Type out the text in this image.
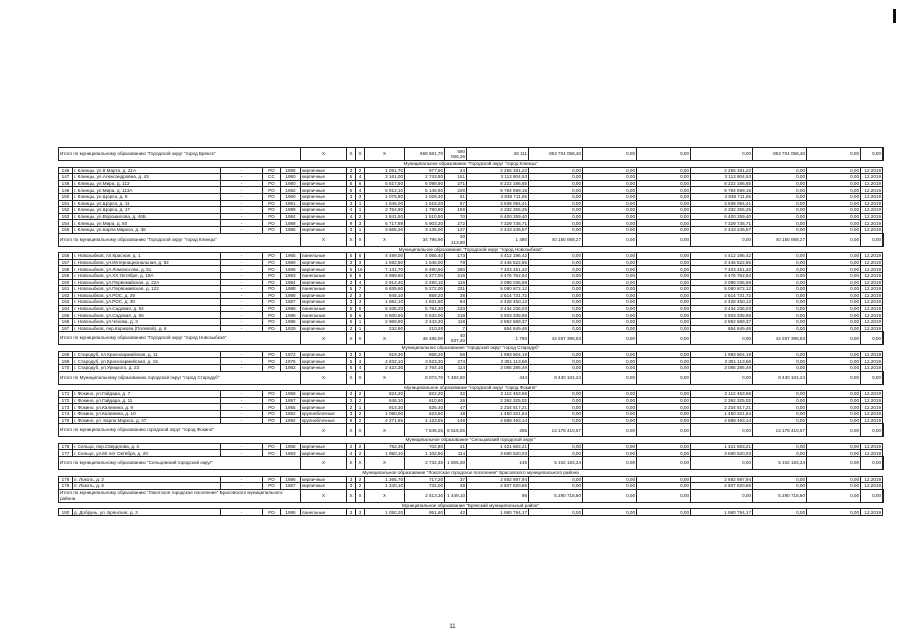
Итого по муниципальному образованию "Городской округ "город Брянск"					X	X	X	X	669 581,70	590 066,36	28 111	853 704 058,40	0,00	0,00	0,00	853 704 058,40	0,00	0,00	
Муниципальное образование "Городской округ "город Клинцы"																			
146	г. Клинцы, ул.8 Марта, д. 21А	-	РО	1985	кирпичные	3	2	1 051,70	977,50	34	2 256 181,22	0,00	0,00	0,00	2 256 181,22	0,00	0,00	12.2019	
147	г. Клинцы, ул.Александровна, д. 43	-	СС	1990	кирпичные	5	4	3 161,00	2 743,80	151	3 113 804,53	0,00	0,00	0,00	3 113 804,53	0,00	0,00	12.2019	
148	г. Клинцы, ул.Мира, д. 113	-	РО	1980	кирпичные	5	6	5 617,50	5 098,50	271	8 222 186,65	0,00	0,00	0,00	8 222 186,65	0,00	0,00	12.2019	
149	г. Клинцы, ул.Мира, д. 113А	-	РО	1982	кирпичные	5	4	5 812,10	5 145,80	226	6 784 599,16	0,00	0,00	0,00	6 784 599,16	0,00	0,00	12.2019	
150	г. Клинцы, ул.Щорса, д. 9	-	РО	1960	кирпичные	3	3	1 075,80	1 029,40	51	3 638 711,65	0,00	0,00	0,00	3 638 711,65	0,00	0,00	12.2019	
151	г. Клинцы, ул.Щорса, д. 11	-	РО	1961	кирпичные	3	1	1 646,00	1 518,20	67	3 639 094,41	0,00	0,00	0,00	3 639 094,41	0,00	0,00	12.2019	
152	г. Клинцы, ул.Щорса, д. 17	-	РО	1989	кирпичные	4	1	2 764,80	1 790,80	159	4 332 255,25	0,00	0,00	0,00	4 332 255,25	0,00	0,00	12.2019	
153	г. Клинцы, ул.Ворошилова, д. 46Б	-	РО	1984	кирпичные	4	2	1 841,50	1 510,50	70	6 400 259,40	0,00	0,00	0,00	6 400 259,40	0,00	0,00	12.2019	
154	г. Клинцы, ул.Мира, д. 50	-	РО	1989	кирпичные	9	3	6 717,89	5 903,20	272	7 329 736,71	0,00	0,00	0,00	7 329 736,71	0,00	0,00	12.2019	
155	г. Клинцы, ул.Карла Маркса, д. 38	-	РО	1985	кирпичные	3	1	3 665,26	3 135,00	127	2 443 245,57	0,00	0,00	0,00	2 443 245,57	0,00	0,00	12.2019	
Итого по муниципальному образованию "Городской округ "город Клинцы"					X	X	X	X	34 796,90	30 213,90	1 480	40 150 068,27	0,00	0,00	0,00	40 150 068,27	0,00	0,00	
Муниципальное образование "Городской округ "город Новозыбков"																			
156	г. Новозыбков, пл.Красная, д. 1	-	РО	1965	панельные	5	6	4 499,00	4 066,40	173	4 412 196,42	0,00	0,00	0,00	4 412 196,42	0,00	0,00	12.2019	
157	г. Новозыбков, ул.Интернациональная, д. 92	-	РО	1980	кирпичные	3	3	1 692,50	1 546,00	78	2 446 522,85	0,00	0,00	0,00	2 446 522,85	0,00	0,00	12.2019	
158	г. Новозыбков, ул.Ломоносова, д. 51	-	РО	1966	кирпичные	5	16	7 131,70	6 490,50	280	7 403 451,32	0,00	0,00	0,00	7 403 451,32	0,00	0,00	12.2019	
159	г. Новозыбков, ул.ХХ Октября, д. 19А	-	РО	1983	панельные	5	6	4 989,50	4 277,00	216	4 476 762,94	0,00	0,00	0,00	4 476 762,94	0,00	0,00	12.2019	
160	г. Новозыбков, ул.Первомайская, д. 22А	-	РО	1984	кирпичные	3	4	2 914,40	2 490,10	116	3 096 036,88	0,00	0,00	0,00	3 096 036,88	0,00	0,00	12.2019	
161	г. Новозыбков, ул.Первомайская, д. 122	-	РО	1988	панельные	5	7	6 839,60	5 272,00	231	5 080 672,12	0,00	0,00	0,00	5 080 672,12	0,00	0,00	12.2019	
162	г. Новозыбков, ул.РОС, д. 29	-	РО	1988	кирпичные	2	3	945,10	859,20	38	2 614 731,72	0,00	0,00	0,00	2 614 731,72	0,00	0,00	12.2019	
163	г. Новозыбков, ул.РОС, д. 30	-	РО	1987	кирпичные	3	3	1 982,10	1 831,80	84	2 428 450,13	0,00	0,00	0,00	2 428 450,13	0,00	0,00	12.2019	
164	г. Новозыбков, ул.Садовая, д. 54	-	РО	1986	панельные	5	6	6 335,20	5 764,30	233	3 434 236,03	0,00	0,00	0,00	3 434 236,03	0,00	0,00	12.2019	
165	г. Новозыбков, ул.Садовая, д. 56	-	РО	1988	панельные	5	6	6 500,60	5 532,00	218	3 503 339,86	0,00	0,00	0,00	3 503 339,86	0,00	0,00	12.2019	
166	г. Новозыбков, ул.Чехова, д. 3	-	РО	1986	кирпичные	5	1	2 968,90	2 443,30	118	2 862 669,37	0,00	0,00	0,00	2 862 669,37	0,00	0,00	12.2019	
167	г. Новозыбков, пер.Коржова (Полевой), д. 6	-	РО	1929	кирпичные	2	1	232,90	210,28	7	654 649,48	0,00	0,00	0,00	654 649,48	0,00	0,00	12.2019	
Итого по муниципальному образованию "Городской округ "город Новозыбков"					X	X	X	X	46 486,00	40 637,40	1 790	42 297 398,53	0,00	0,00	0,00	42 297 398,53	0,00	0,00	
Муниципальное образование "городской округ "город Стародуб"																			
168	г. Стародуб, пл.Красноармейская, д. 11	-	РО	1972	кирпичные	3	2	919,30	866,20	56	1 993 804,19	0,00	0,00	0,00	1 993 804,19	0,00	0,00	12.2019	
169	г. Стародуб, ул.Красноармейская, д. 15	-	РО	1975	кирпичные	5	3	4 632,10	3 623,30	274	3 351 113,56	0,00	0,00	0,00	3 351 113,56	0,00	0,00	12.2019	
170	г. Стародуб, ул.Урицкого, д. 23	-	РО	1982	кирпичные	5	4	2 422,30	2 764,10	114	3 085 286,49	0,00	0,00	0,00	3 085 286,49	0,00	0,00	12.2019	
Итого по Муниципальному образованию городской округ "город Стародуб"					X	X	X	X	8 073,70	7 482,60	444	8 430 104,24	0,00	0,00	0,00	8 430 104,24	0,00	0,00	
Муниципальное образование "городской округ "город Фокино"																			
171	г. Фокино, ул.Гайдара, д. 7	-	РО	1958	кирпичные	3	2	824,20	822,20	32	2 112 453,66	0,00	0,00	0,00	2 112 453,66	0,00	0,00	12.2019	
172	г. Фокино, ул.Гайдара, д. 11	-	РО	1957	кирпичные	2	2	646,10	610,80	26	2 392 325,02	0,00	0,00	0,00	2 392 325,02	0,00	0,00	12.2019	
173	г. Фокино, ул.Калинина, д. 9	-	РО	1955	кирпичные	2	1	914,30	535,40	47	2 334 817,21	0,00	0,00	0,00	2 334 817,21	0,00	0,00	12.2019	
174	г. Фокино, ул.Калинина, д. 10	-	РО	1962	крупноблочные	3	2	1 090,00	623,50	18	1 450 321,54	0,00	0,00	0,00	1 450 321,54	0,00	0,00	12.2019	
175	г. Фокино, ул. Карла Маркса, д. 47	-	РО	1992	крупноблочные	9	2	4 271,65	4 123,65	148	4 888 493,14	0,00	0,00	0,00	4 888 493,14	0,00	0,00	12.2019	
Итого по муниципальному образованию городской округ "город Фокино"					X	X	X	X	7 548,25	6 515,55	265	13 178 410,57	0,00	0,00	0,00	13 178 410,57	0,00	0,00	
Муниципальное образование "Сельцовский городской округ"																			
176	г. Сельцо, пер.Свердлова, д. 3	-	РО	1958	кирпичные	2	2	782,35	702,80	31	1 421 663,21	0,00	0,00	0,00	1 421 663,21	0,00	0,00	12.2019	
177	г. Сельцо, ул.60 лет Октября, д. 20	-	РО	1963	кирпичные	4	2	1 950,10	1 102,50	114	3 680 520,03	0,00	0,00	0,00	3 680 520,03	0,00	0,00	12.2019	
Итого по муниципальному образованию "Сельцовский городской округ"					X	X	X	X	2 732,45	1 805,30	145	5 102 183,24	0,00	0,00	0,00	5 102 183,24	0,00	0,00	
Муниципальное образование "Локотское городское поселение" Брасовского муниципального района																			
178	п. Локоть, д. 2	-	РО	1986	кирпичные	3	2	1 265,70	717,20	37	2 682 697,94	0,00	0,00	0,00	2 682 697,94	0,00	0,00	12.2019	
179	п. Локоть, д. 6	-	РО	1987	кирпичные	3	2	1 240,10	732,00	38	2 607 020,86	0,00	0,00	0,00	2 607 020,86	0,00	0,00	12.2019	
Итого по муниципальному образованию "Локотское городское поселение" Брасовского муниципального района					X	X	X	X	2 513,30	1 449,10	95	5 290 718,80	0,00	0,00	0,00	5 290 718,80	0,00	0,00	
Муниципальное образование "Брянский муниципальный район"																			
180	д. Добрунь, ул. Брянская, д. 3	-	РО	1995	панельные	3	3	1 050,20	951,60	42	1 980 794,17	0,00	0,00	0,00	1 980 794,17	0,00	0,00	12.2019	
11
